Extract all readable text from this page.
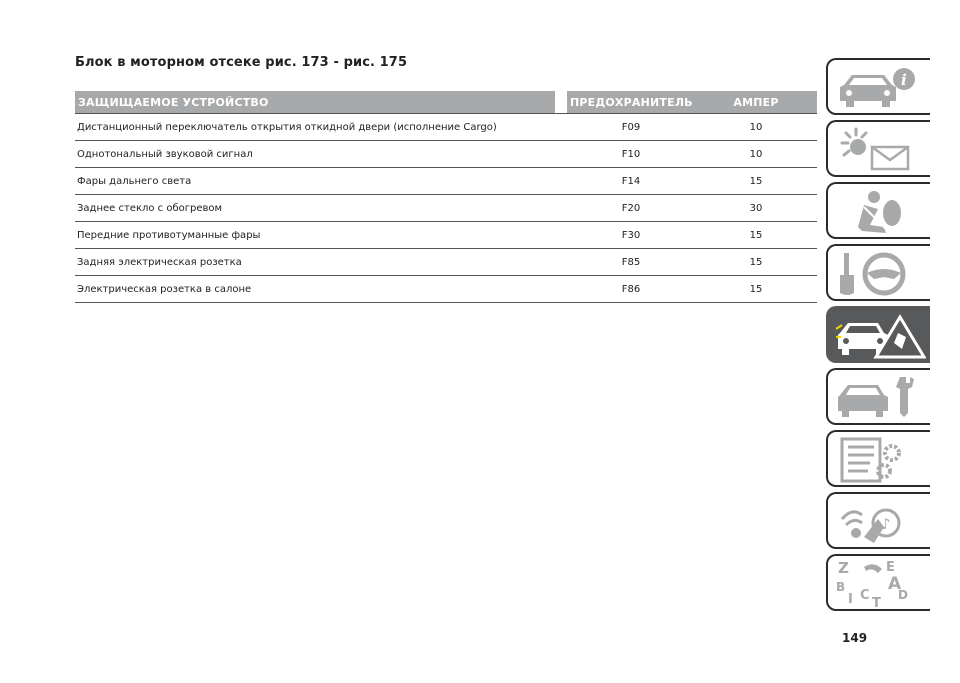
Блок в моторном отсеке рис. 173 - рис. 175
ЗАЩИЩАЕМОЕ УСТРОЙСТВО		ПРЕДОХРАНИТЕЛЬ	АМПЕР
Дистанционный переключатель открытия откидной двери (исполнение Cargo)		F09	10
Однотональный звуковой сигнал		F10	10
Фары дальнего света		F14	15
Заднее стекло с обогревом		F20	30
Передние противотуманные фары		F30	15
Задняя электрическая розетка		F85	15
Электрическая розетка в салоне		F86	15
i
♪
Z	E
B	A
I C
T
D
149
